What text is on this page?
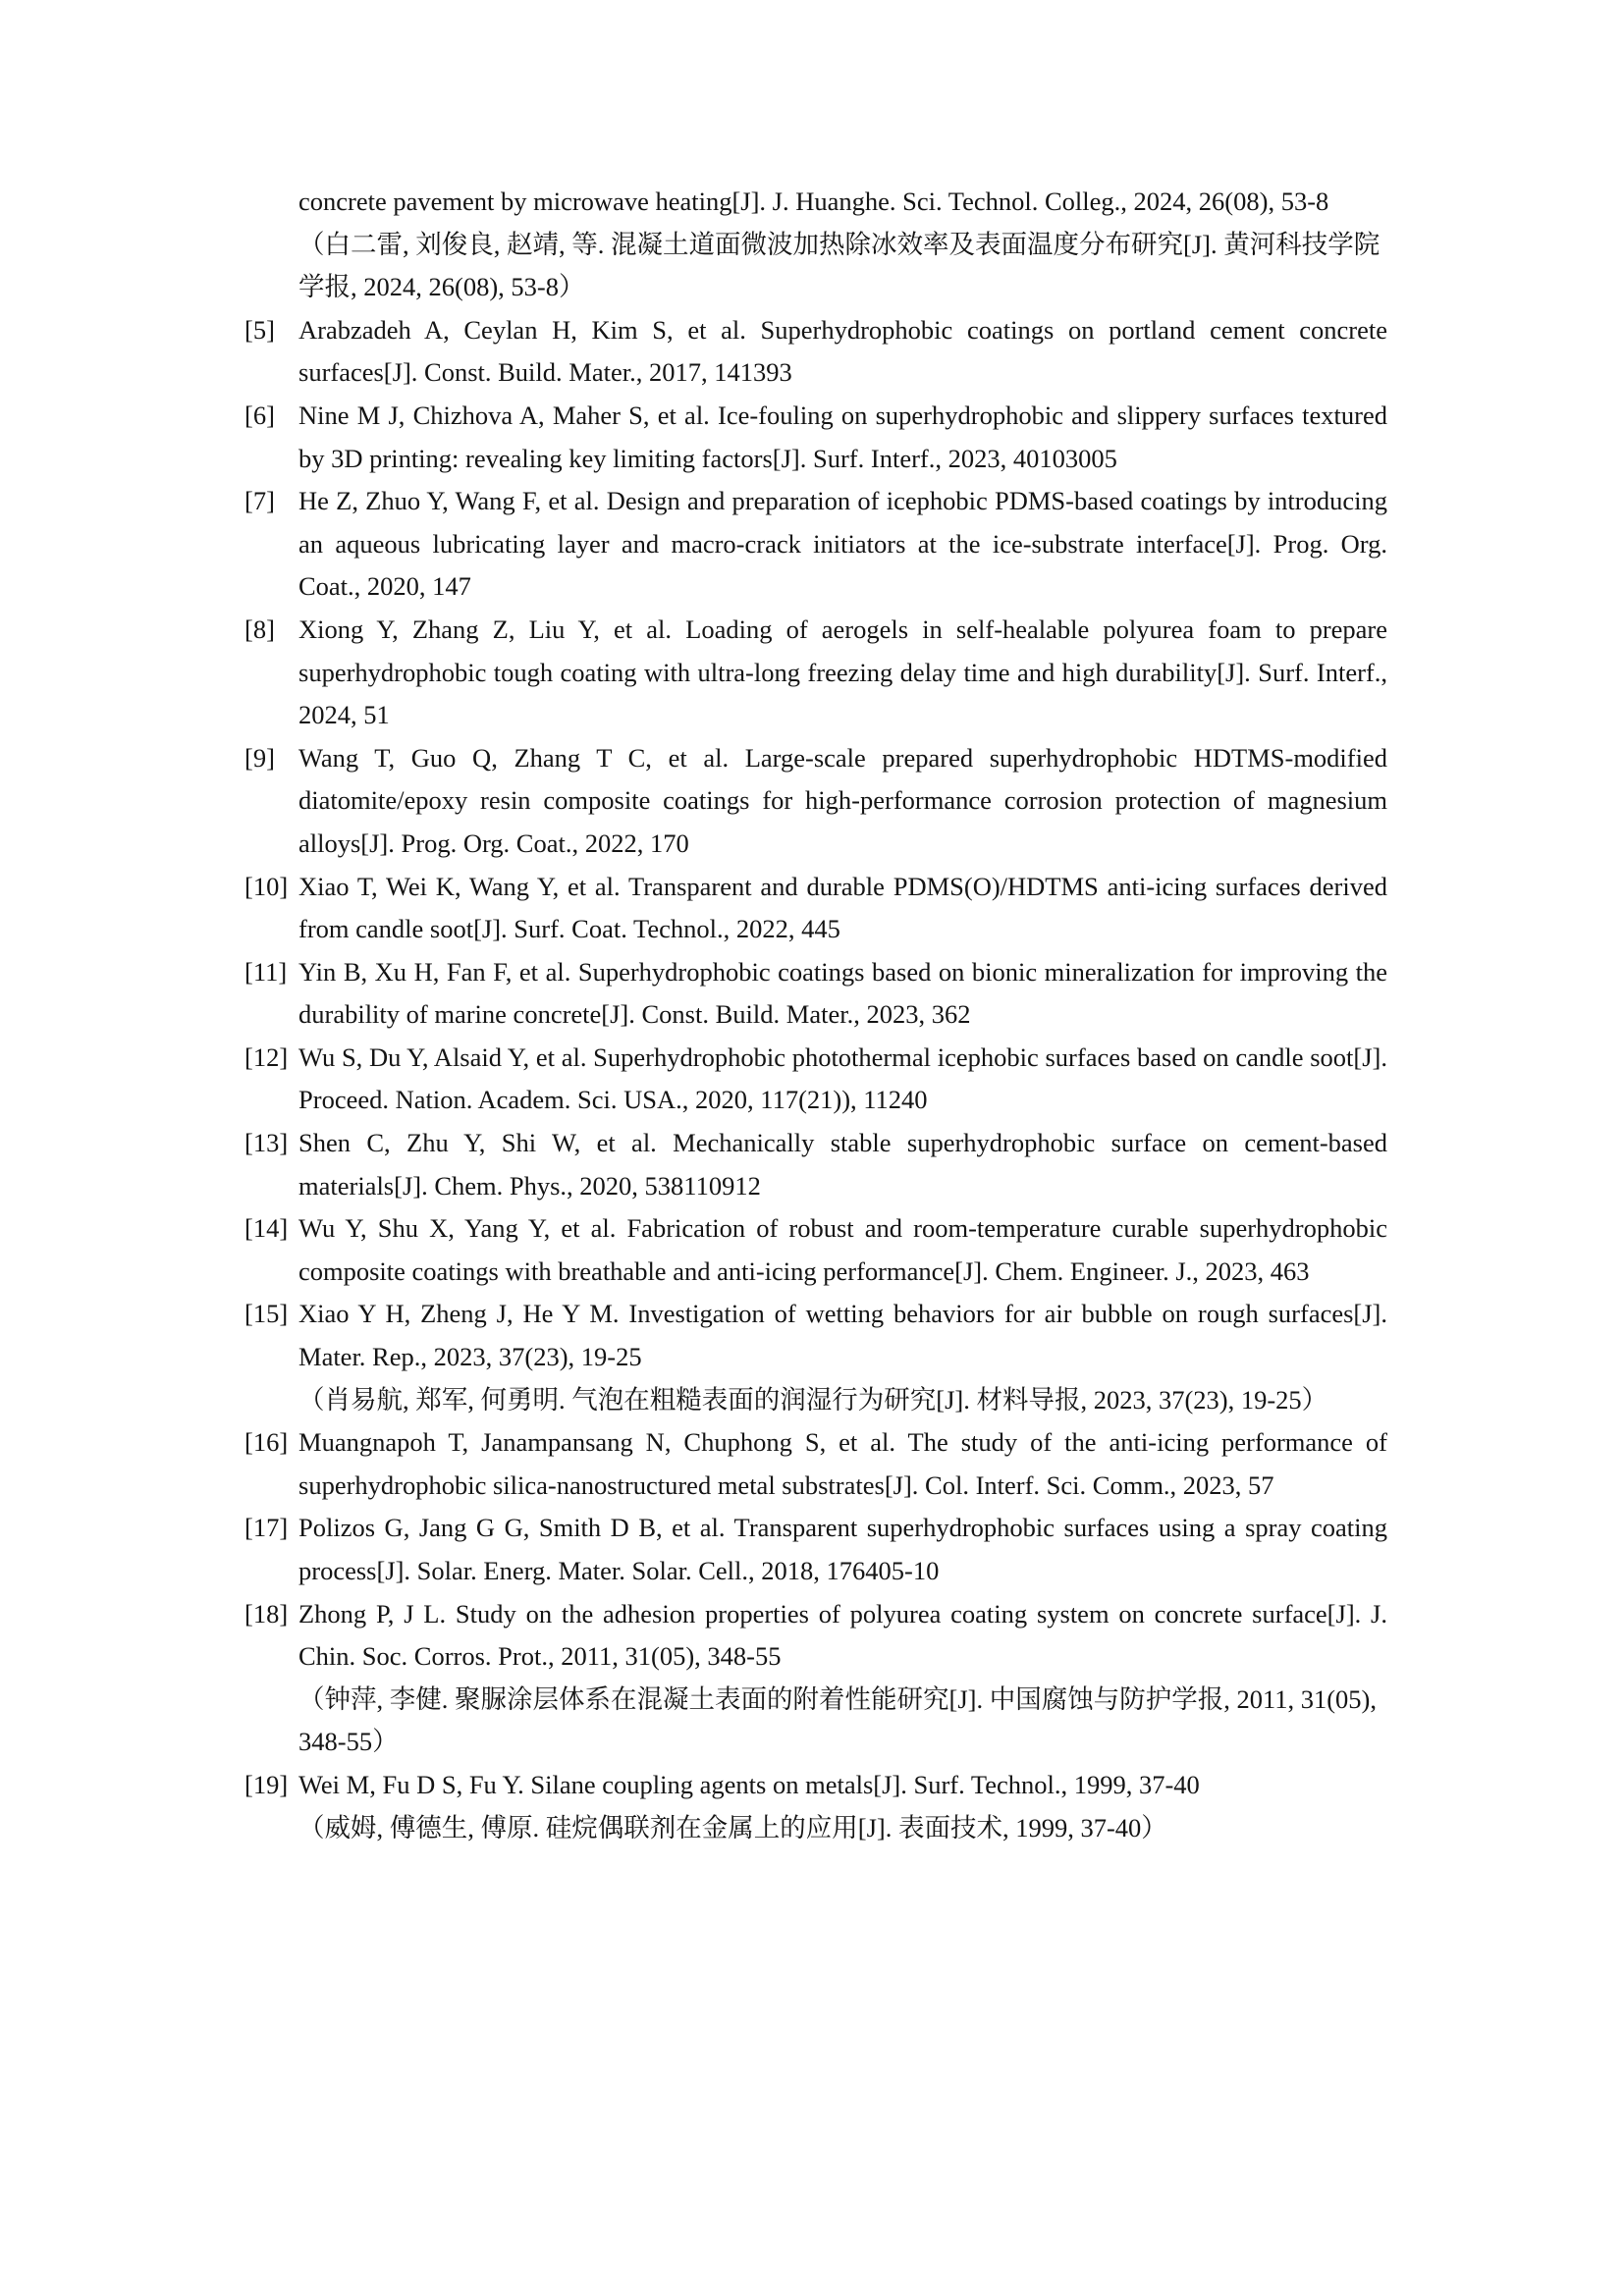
concrete pavement by microwave heating[J]. J. Huanghe. Sci. Technol. Colleg., 2024, 26(08), 53-8
（白二雷, 刘俊良, 赵靖, 等. 混凝土道面微波加热除冰效率及表面温度分布研究[J]. 黄河科技学院学报, 2024, 26(08), 53-8）
[5] Arabzadeh A, Ceylan H, Kim S, et al. Superhydrophobic coatings on portland cement concrete surfaces[J]. Const. Build. Mater., 2017, 141393
[6] Nine M J, Chizhova A, Maher S, et al. Ice-fouling on superhydrophobic and slippery surfaces textured by 3D printing: revealing key limiting factors[J]. Surf. Interf., 2023, 40103005
[7] He Z, Zhuo Y, Wang F, et al. Design and preparation of icephobic PDMS-based coatings by introducing an aqueous lubricating layer and macro-crack initiators at the ice-substrate interface[J]. Prog. Org. Coat., 2020, 147
[8] Xiong Y, Zhang Z, Liu Y, et al. Loading of aerogels in self-healable polyurea foam to prepare superhydrophobic tough coating with ultra-long freezing delay time and high durability[J]. Surf. Interf., 2024, 51
[9] Wang T, Guo Q, Zhang T C, et al. Large-scale prepared superhydrophobic HDTMS-modified diatomite/epoxy resin composite coatings for high-performance corrosion protection of magnesium alloys[J]. Prog. Org. Coat., 2022, 170
[10] Xiao T, Wei K, Wang Y, et al. Transparent and durable PDMS(O)/HDTMS anti-icing surfaces derived from candle soot[J]. Surf. Coat. Technol., 2022, 445
[11] Yin B, Xu H, Fan F, et al. Superhydrophobic coatings based on bionic mineralization for improving the durability of marine concrete[J]. Const. Build. Mater., 2023, 362
[12] Wu S, Du Y, Alsaid Y, et al. Superhydrophobic photothermal icephobic surfaces based on candle soot[J]. Proceed. Nation. Academ. Sci. USA., 2020, 117(21)), 11240
[13] Shen C, Zhu Y, Shi W, et al. Mechanically stable superhydrophobic surface on cement-based materials[J]. Chem. Phys., 2020, 538110912
[14] Wu Y, Shu X, Yang Y, et al. Fabrication of robust and room-temperature curable superhydrophobic composite coatings with breathable and anti-icing performance[J]. Chem. Engineer. J., 2023, 463
[15] Xiao Y H, Zheng J, He Y M. Investigation of wetting behaviors for air bubble on rough surfaces[J]. Mater. Rep., 2023, 37(23), 19-25
（肖易航, 郑军, 何勇明. 气泡在粗糙表面的润湿行为研究[J]. 材料导报, 2023, 37(23), 19-25）
[16] Muangnapoh T, Janampansang N, Chuphong S, et al. The study of the anti-icing performance of superhydrophobic silica-nanostructured metal substrates[J]. Col. Interf. Sci. Comm., 2023, 57
[17] Polizos G, Jang G G, Smith D B, et al. Transparent superhydrophobic surfaces using a spray coating process[J]. Solar. Energ. Mater. Solar. Cell., 2018, 176405-10
[18] Zhong P, J L. Study on the adhesion properties of polyurea coating system on concrete surface[J]. J. Chin. Soc. Corros. Prot., 2011, 31(05), 348-55
（钟萍, 李健. 聚脲涂层体系在混凝土表面的附着性能研究[J]. 中国腐蚀与防护学报, 2011, 31(05), 348-55）
[19] Wei M, Fu D S, Fu Y. Silane coupling agents on metals[J]. Surf. Technol., 1999, 37-40
（威姆, 傅德生, 傅原. 硅烷偶联剂在金属上的应用[J]. 表面技术, 1999, 37-40）
